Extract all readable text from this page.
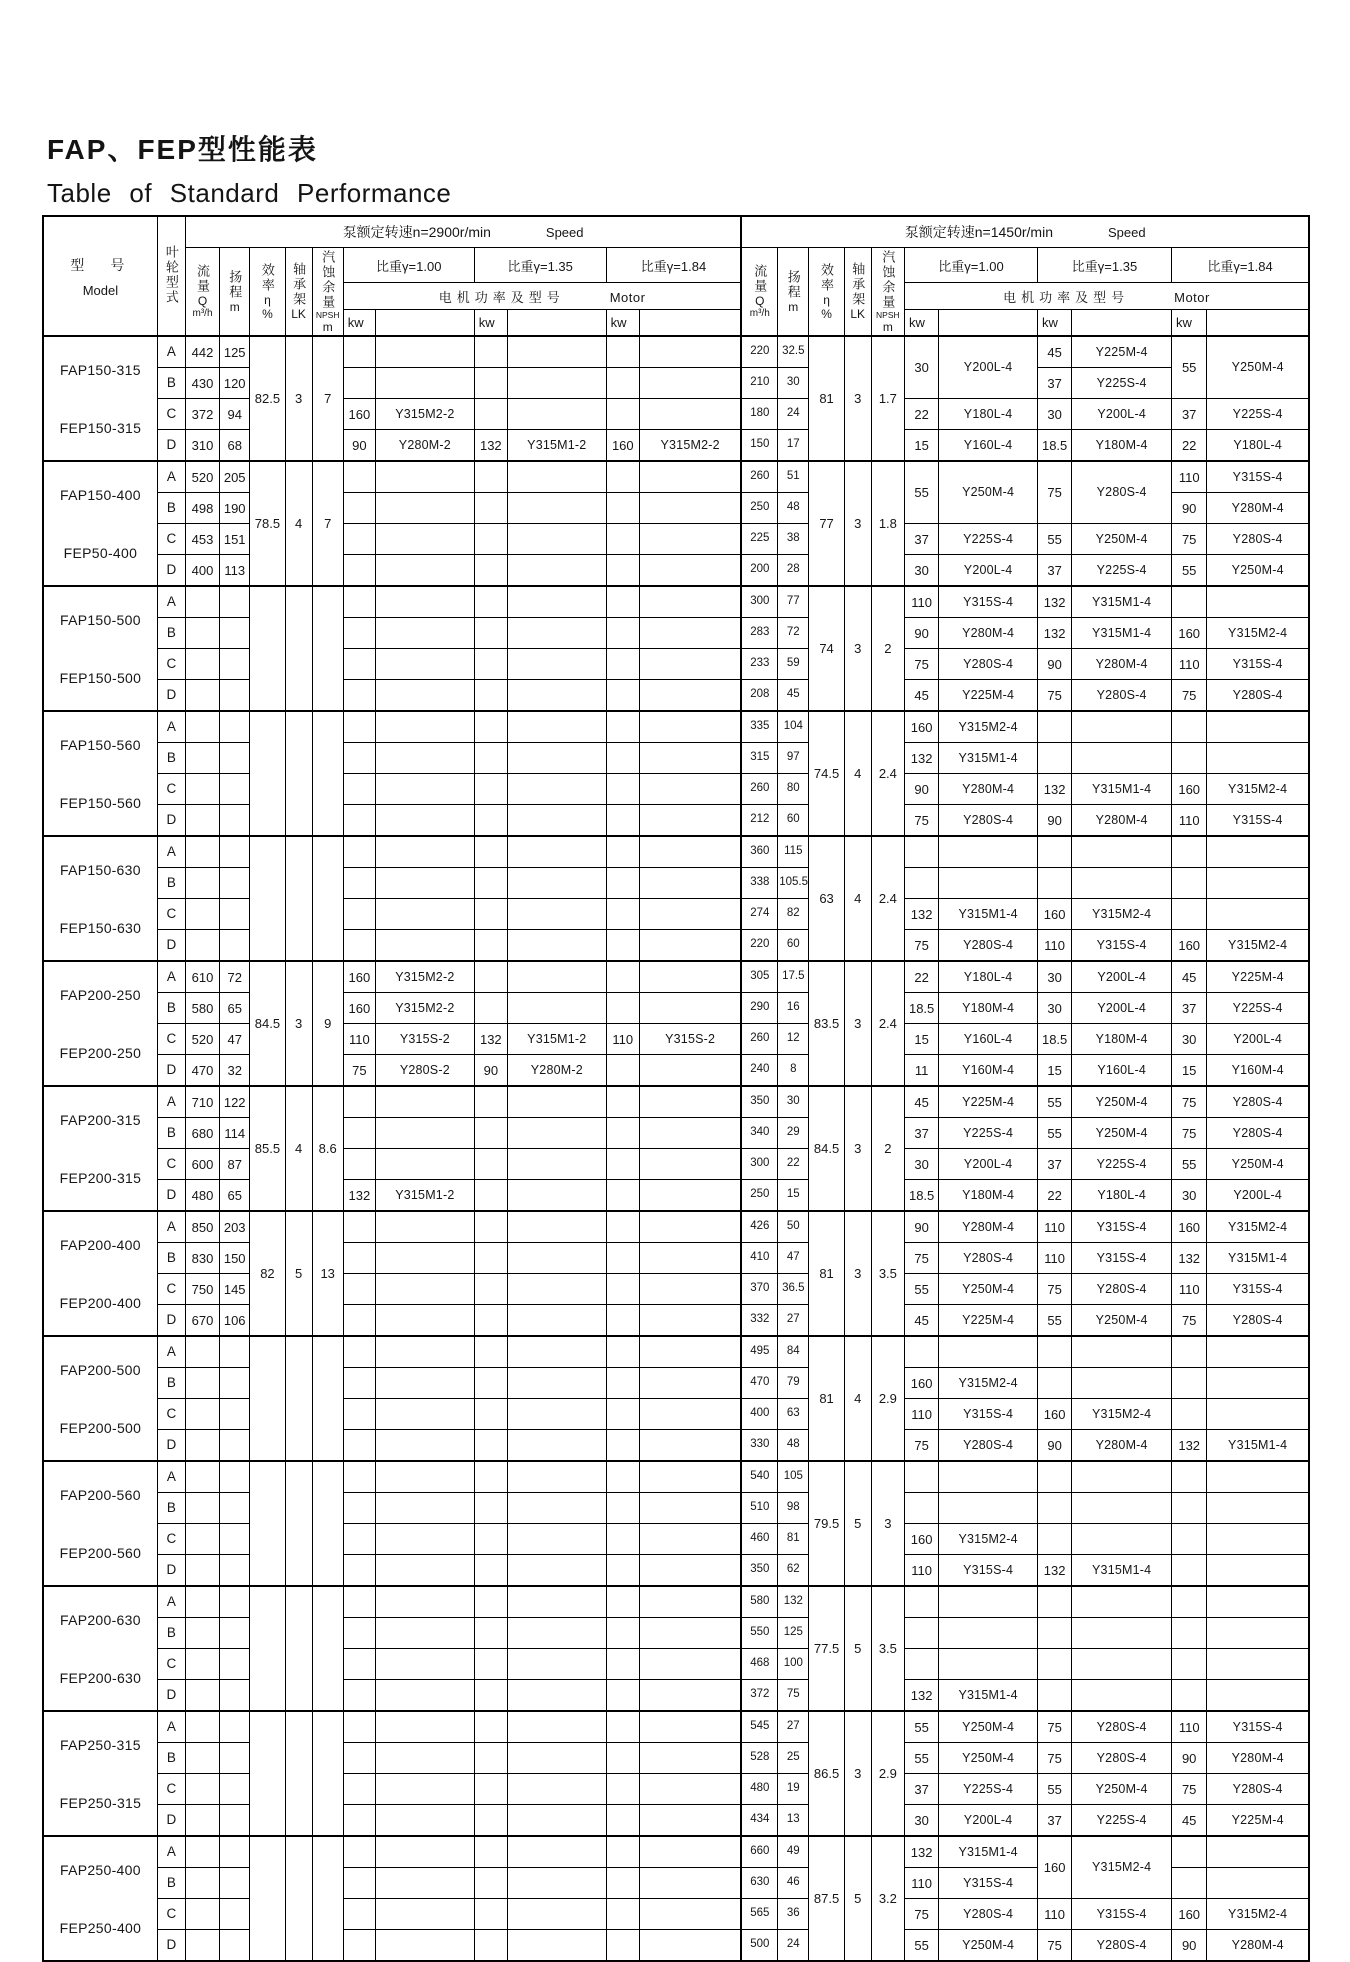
FAP、FEP型性能表
Table of Standard Performance
型　号
Model	叶轮型式	泵额定转速n=2900r/min Speed											泵额定转速n=1450r/min Speed										

		流量
Q
m³/h	扬程
m	效率
η
%	轴承架
LK	汽蚀余量
NPSH
m	比重γ=1.00		比重γ=1.35		比重γ=1.84		流量
Q
m³/h	扬程
m	效率
η
%	轴承架
LK	汽蚀余量
NPSH
m	比重γ=1.00		比重γ=1.35		比重γ=1.84	
							电机功率及型号 Motor											电机功率及型号 Motor					
							kw		kw		kw							kw		kw		kw	

FAP150-315
FEP150-315	A	442	125	82.5	3	7							220	32.5	81	3	1.7	30	Y200L-4	45	Y225M-4	55	Y250M-4
	B	430	120										210	30						37	Y225S-4		
	C	372	94				160	Y315M2-2					180	24				22	Y180L-4	30	Y200L-4	37	Y225S-4
	D	310	68				90	Y280M-2	132	Y315M1-2	160	Y315M2-2	150	17				15	Y160L-4	18.5	Y180M-4	22	Y180L-4

FAP150-400
FEP50-400	A	520	205	78.5	4	7							260	51	77	3	1.8	55	Y250M-4	75	Y280S-4	110	Y315S-4
	B	498	190										250	48								90	Y280M-4
	C	453	151										225	38				37	Y225S-4	55	Y250M-4	75	Y280S-4
	D	400	113										200	28				30	Y200L-4	37	Y225S-4	55	Y250M-4

FAP150-500
FEP150-500	A												300	77	74	3	2	110	Y315S-4	132	Y315M1-4		
	B												283	72				90	Y280M-4	132	Y315M1-4	160	Y315M2-4
	C												233	59				75	Y280S-4	90	Y280M-4	110	Y315S-4
	D												208	45				45	Y225M-4	75	Y280S-4	75	Y280S-4

FAP150-560
FEP150-560	A												335	104	74.5	4	2.4	160	Y315M2-4				
	B												315	97				132	Y315M1-4				
	C												260	80				90	Y280M-4	132	Y315M1-4	160	Y315M2-4
	D												212	60				75	Y280S-4	90	Y280M-4	110	Y315S-4

FAP150-630
FEP150-630	A												360	115	63	4	2.4						
	B												338	105.5									
	C												274	82				132	Y315M1-4	160	Y315M2-4		
	D												220	60				75	Y280S-4	110	Y315S-4	160	Y315M2-4

FAP200-250
FEP200-250	A	610	72	84.5	3	9	160	Y315M2-2					305	17.5	83.5	3	2.4	22	Y180L-4	30	Y200L-4	45	Y225M-4
	B	580	65				160	Y315M2-2					290	16				18.5	Y180M-4	30	Y200L-4	37	Y225S-4
	C	520	47				110	Y315S-2	132	Y315M1-2	110	Y315S-2	260	12				15	Y160L-4	18.5	Y180M-4	30	Y200L-4
	D	470	32				75	Y280S-2	90	Y280M-2			240	8				11	Y160M-4	15	Y160L-4	15	Y160M-4

FAP200-315
FEP200-315	A	710	122	85.5	4	8.6							350	30	84.5	3	2	45	Y225M-4	55	Y250M-4	75	Y280S-4
	B	680	114										340	29				37	Y225S-4	55	Y250M-4	75	Y280S-4
	C	600	87										300	22				30	Y200L-4	37	Y225S-4	55	Y250M-4
	D	480	65				132	Y315M1-2					250	15				18.5	Y180M-4	22	Y180L-4	30	Y200L-4

FAP200-400
FEP200-400	A	850	203	82	5	13							426	50	81	3	3.5	90	Y280M-4	110	Y315S-4	160	Y315M2-4
	B	830	150										410	47				75	Y280S-4	110	Y315S-4	132	Y315M1-4
	C	750	145										370	36.5				55	Y250M-4	75	Y280S-4	110	Y315S-4
	D	670	106										332	27				45	Y225M-4	55	Y250M-4	75	Y280S-4

FAP200-500
FEP200-500	A												495	84	81	4	2.9						
	B												470	79				160	Y315M2-4				
	C												400	63				110	Y315S-4	160	Y315M2-4		
	D												330	48				75	Y280S-4	90	Y280M-4	132	Y315M1-4

FAP200-560
FEP200-560	A												540	105	79.5	5	3						
	B												510	98									
	C												460	81				160	Y315M2-4				
	D												350	62				110	Y315S-4	132	Y315M1-4		

FAP200-630
FEP200-630	A												580	132	77.5	5	3.5						
	B												550	125									
	C												468	100									
	D												372	75				132	Y315M1-4				

FAP250-315
FEP250-315	A												545	27	86.5	3	2.9	55	Y250M-4	75	Y280S-4	110	Y315S-4
	B												528	25				55	Y250M-4	75	Y280S-4	90	Y280M-4
	C												480	19				37	Y225S-4	55	Y250M-4	75	Y280S-4
	D												434	13				30	Y200L-4	37	Y225S-4	45	Y225M-4

FAP250-400
FEP250-400	A												660	49	87.5	5	3.2	132	Y315M1-4	160	Y315M2-4		
	B												630	46				110	Y315S-4				
	C												565	36				75	Y280S-4	110	Y315S-4	160	Y315M2-4
	D												500	24				55	Y250M-4	75	Y280S-4	90	Y280M-4
